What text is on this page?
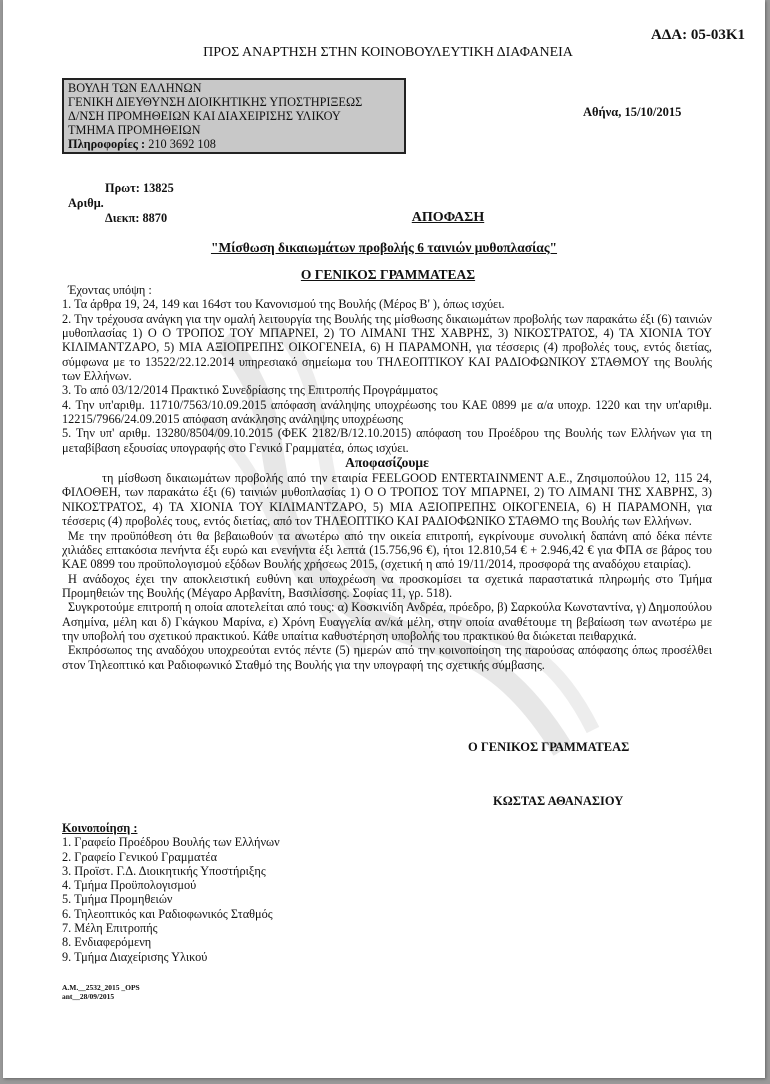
ΑΔΑ: 05-03Κ1
ΠΡΟΣ ΑΝΑΡΤΗΣΗ ΣΤΗΝ ΚΟΙΝΟΒΟΥΛΕΥΤΙΚΗ ΔΙΑΦΑΝΕΙΑ
ΒΟΥΛΗ ΤΩΝ ΕΛΛΗΝΩΝ
ΓΕΝΙΚΗ ΔΙΕΥΘΥΝΣΗ ΔΙΟΙΚΗΤΙΚΗΣ ΥΠΟΣΤΗΡΙΞΕΩΣ
Δ/ΝΣΗ ΠΡΟΜΗΘΕΙΩΝ ΚΑΙ ΔΙΑΧΕΙΡΙΣΗΣ ΥΛΙΚΟΥ
ΤΜΗΜΑ ΠΡΟΜΗΘΕΙΩΝ
Πληροφορίες : 210 3692 108
Αθήνα, 15/10/2015
Πρωτ: 13825
Αριθμ.
Διεκπ: 8870	ΑΠΟΦΑΣΗ
"Μίσθωση δικαιωμάτων προβολής 6 ταινιών μυθοπλασίας"
Ο ΓΕΝΙΚΟΣ ΓΡΑΜΜΑΤΕΑΣ

Έχοντας υπόψη :

1. Τα άρθρα 19, 24, 149 και 164στ του Κανονισμού της Βουλής (Μέρος Β' ), όπως ισχύει.

2. Την τρέχουσα ανάγκη για την ομαλή λειτουργία της Βουλής της μίσθωσης δικαιωμάτων προβολής των παρακάτω έξι (6) ταινιών μυθοπλασίας 1) Ο Ο ΤΡΟΠΟΣ ΤΟΥ ΜΠΑΡΝΕΙ, 2) ΤΟ ΛΙΜΑΝΙ ΤΗΣ ΧΑΒΡΗΣ, 3) ΝΙΚΟΣΤΡΑΤΟΣ, 4) ΤΑ ΧΙΟΝΙΑ ΤΟΥ ΚΙΛΙΜΑΝΤΖΑΡΟ, 5) ΜΙΑ ΑΞΙΟΠΡΕΠΗΣ ΟΙΚΟΓΕΝΕΙΑ, 6) Η ΠΑΡΑΜΟΝΗ, για τέσσερις (4) προβολές τους, εντός διετίας, σύμφωνα με το 13522/22.12.2014 υπηρεσιακό σημείωμα του ΤΗΛΕΟΠΤΙΚΟΥ ΚΑΙ ΡΑΔΙΟΦΩΝΙΚΟΥ ΣΤΑΘΜΟΥ της Βουλής των Ελλήνων.

3. Το από 03/12/2014 Πρακτικό Συνεδρίασης της Επιτροπής Προγράμματος

4. Την υπ'αριθμ. 11710/7563/10.09.2015 απόφαση ανάληψης υποχρέωσης του ΚΑΕ 0899 με α/α υποχρ. 1220 και την υπ'αριθμ. 12215/7966/24.09.2015 απόφαση ανάκλησης ανάληψης υποχρέωσης

5. Την υπ' αριθμ. 13280/8504/09.10.2015 (ΦΕΚ 2182/Β/12.10.2015) απόφαση του Προέδρου της Βουλής των Ελλήνων για τη μεταβίβαση εξουσίας υπογραφής στο Γενικό Γραμματέα, όπως ισχύει.

Αποφασίζουμε

τη μίσθωση δικαιωμάτων προβολής από την εταιρία FEELGOOD ENTERTAINMENT A.E., Ζησιμοπούλου 12, 115 24, ΦΙΛΟΘΕΗ, των παρακάτω έξι (6) ταινιών μυθοπλασίας 1) Ο Ο ΤΡΟΠΟΣ ΤΟΥ ΜΠΑΡΝΕΙ, 2) ΤΟ ΛΙΜΑΝΙ ΤΗΣ ΧΑΒΡΗΣ, 3) ΝΙΚΟΣΤΡΑΤΟΣ, 4) ΤΑ ΧΙΟΝΙΑ ΤΟΥ ΚΙΛΙΜΑΝΤΖΑΡΟ, 5) ΜΙΑ ΑΞΙΟΠΡΕΠΗΣ ΟΙΚΟΓΕΝΕΙΑ, 6) Η ΠΑΡΑΜΟΝΗ, για τέσσερις (4) προβολές τους, εντός διετίας, από τον ΤΗΛΕΟΠΤΙΚΟ ΚΑΙ ΡΑΔΙΟΦΩΝΙΚΟ ΣΤΑΘΜΟ της Βουλής των Ελλήνων.

Με την προϋπόθεση ότι θα βεβαιωθούν τα ανωτέρω από την οικεία επιτροπή, εγκρίνουμε συνολική δαπάνη από δέκα πέντε χιλιάδες επτακόσια πενήντα έξι ευρώ και ενενήντα έξι λεπτά (15.756,96 €), ήτοι 12.810,54 € + 2.946,42 € για ΦΠΑ σε βάρος του ΚΑΕ 0899 του προϋπολογισμού εξόδων Βουλής χρήσεως 2015, (σχετική η από 19/11/2014, προσφορά της αναδόχου εταιρίας).

Η ανάδοχος έχει την αποκλειστική ευθύνη και υποχρέωση να προσκομίσει τα σχετικά παραστατικά πληρωμής στο Τμήμα Προμηθειών της Βουλής (Μέγαρο Αρβανίτη, Βασιλίσσης. Σοφίας 11, γρ. 518).

Συγκροτούμε επιτροπή η οποία αποτελείται από τους: α) Κοσκινίδη Ανδρέα, πρόεδρο, β) Σαρκούλα Κωνσταντίνα, γ) Δημοπούλου Ασημίνα, μέλη και δ) Γκάγκου Μαρίνα, ε) Χρόνη Ευαγγελία αν/κά μέλη, στην οποία αναθέτουμε τη βεβαίωση των ανωτέρω με την υποβολή του σχετικού πρακτικού. Κάθε υπαίτια καθυστέρηση υποβολής του πρακτικού θα διώκεται πειθαρχικά.

Εκπρόσωπος της αναδόχου υποχρεούται εντός πέντε (5) ημερών από την κοινοποίηση της παρούσας απόφασης όπως προσέλθει στον Τηλεοπτικό και Ραδιοφωνικό Σταθμό της Βουλής για την υπογραφή της σχετικής σύμβασης.

Ο ΓΕΝΙΚΟΣ ΓΡΑΜΜΑΤΕΑΣ
ΚΩΣΤΑΣ ΑΘΑΝΑΣΙΟΥ
Κοινοποίηση :
1. Γραφείο Προέδρου Βουλής των Ελλήνων
2. Γραφείο Γενικού Γραμματέα
3. Προϊστ. Γ.Δ. Διοικητικής Υποστήριξης
4. Τμήμα Προϋπολογισμού
5. Τμήμα Προμηθειών
6. Τηλεοπτικός και Ραδιοφωνικός Σταθμός
7. Μέλη Επιτροπής
8. Ενδιαφερόμενη
9. Τμήμα Διαχείρισης Υλικού
Α.Μ.__2532_2015 _OPS
ant__28/09/2015
